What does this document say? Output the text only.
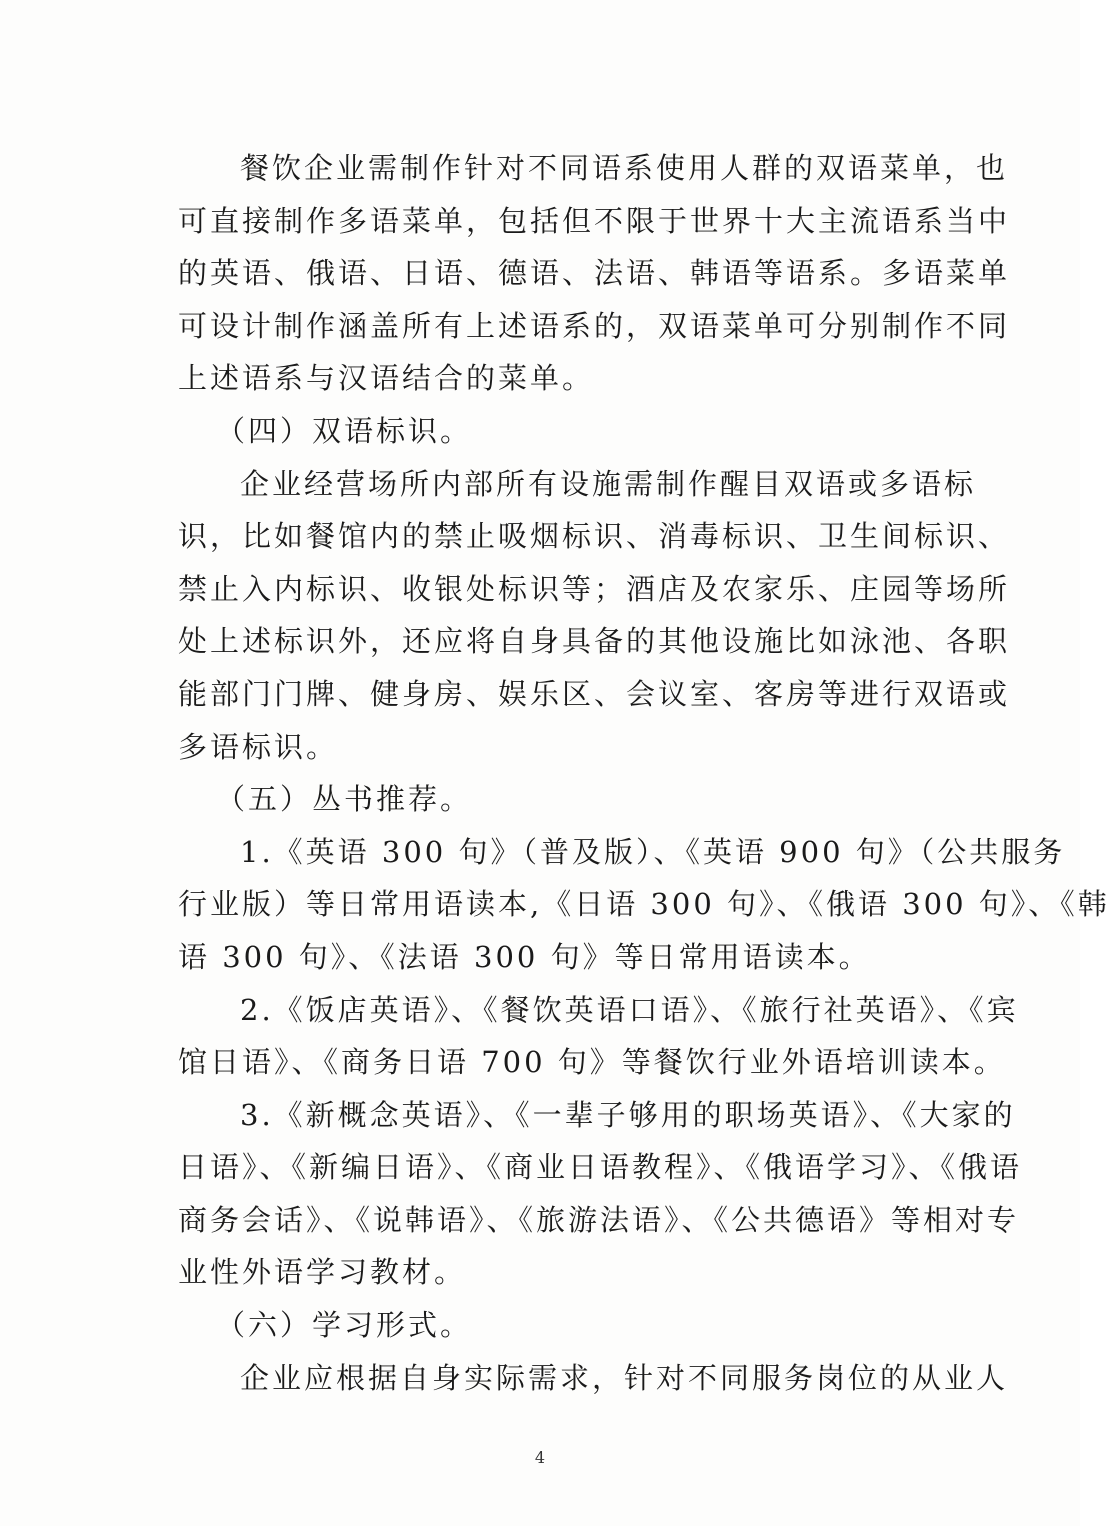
餐饮企业需制作针对不同语系使用人群的双语菜单，也
可直接制作多语菜单，包括但不限于世界十大主流语系当中
的英语、俄语、日语、德语、法语、韩语等语系。多语菜单
可设计制作涵盖所有上述语系的，双语菜单可分别制作不同
上述语系与汉语结合的菜单。
（四）双语标识。
企业经营场所内部所有设施需制作醒目双语或多语标
识，比如餐馆内的禁止吸烟标识、消毒标识、卫生间标识、
禁止入内标识、收银处标识等；酒店及农家乐、庄园等场所
处上述标识外，还应将自身具备的其他设施比如泳池、各职
能部门门牌、健身房、娱乐区、会议室、客房等进行双语或
多语标识。
（五）丛书推荐。
1.《英语 300 句》（普及版）、《英语 900 句》（公共服务
行业版）等日常用语读本,《日语 300 句》、《俄语 300 句》、《韩
语 300 句》、《法语 300 句》等日常用语读本。
2.《饭店英语》、《餐饮英语口语》、《旅行社英语》、《宾
馆日语》、《商务日语 700 句》等餐饮行业外语培训读本。
3.《新概念英语》、《一辈子够用的职场英语》、《大家的
日语》、《新编日语》、《商业日语教程》、《俄语学习》、《俄语
商务会话》、《说韩语》、《旅游法语》、《公共德语》等相对专
业性外语学习教材。
（六）学习形式。
企业应根据自身实际需求，针对不同服务岗位的从业人
4
